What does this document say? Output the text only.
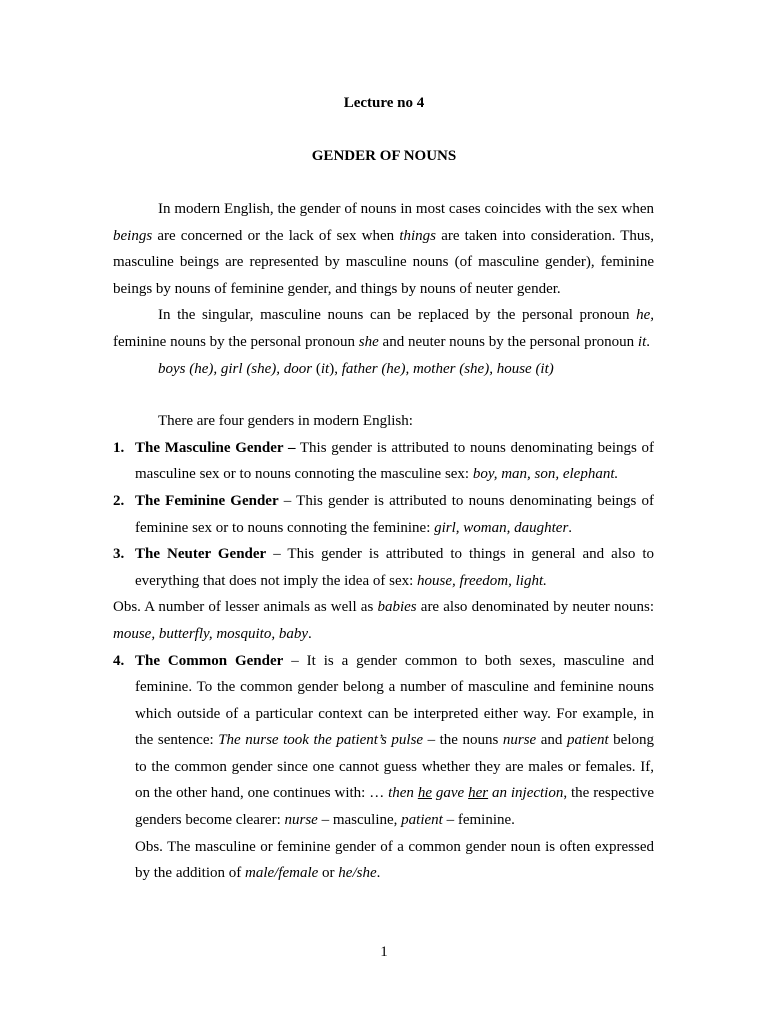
Lecture no 4
GENDER OF NOUNS

In modern English, the gender of nouns in most cases coincides with the sex when beings are concerned or the lack of sex when things are taken into consideration. Thus, masculine beings are represented by masculine nouns (of masculine gender), feminine beings by nouns of feminine gender, and things by nouns of neuter gender.

In the singular, masculine nouns can be replaced by the personal pronoun he, feminine nouns by the personal pronoun she and neuter nouns by the personal pronoun it.

boys (he), girl (she), door (it), father (he), mother (she), house (it)

There are four genders in modern English:

1. The Masculine Gender – This gender is attributed to nouns denominating beings of masculine sex or to nouns connoting the masculine sex: boy, man, son, elephant.
2. The Feminine Gender – This gender is attributed to nouns denominating beings of feminine sex or to nouns connoting the feminine: girl, woman, daughter.
3. The Neuter Gender – This gender is attributed to things in general and also to everything that does not imply the idea of sex: house, freedom, light.

Obs. A number of lesser animals as well as babies are also denominated by neuter nouns: mouse, butterfly, mosquito, baby.

4. The Common Gender – It is a gender common to both sexes, masculine and feminine. To the common gender belong a number of masculine and feminine nouns which outside of a particular context can be interpreted either way. For example, in the sentence: The nurse took the patient’s pulse – the nouns nurse and patient belong to the common gender since one cannot guess whether they are males or females. If, on the other hand, one continues with: … then he gave her an injection, the respective genders become clearer: nurse – masculine, patient – feminine.

Obs. The masculine or feminine gender of a common gender noun is often expressed by the addition of male/female or he/she.

1
